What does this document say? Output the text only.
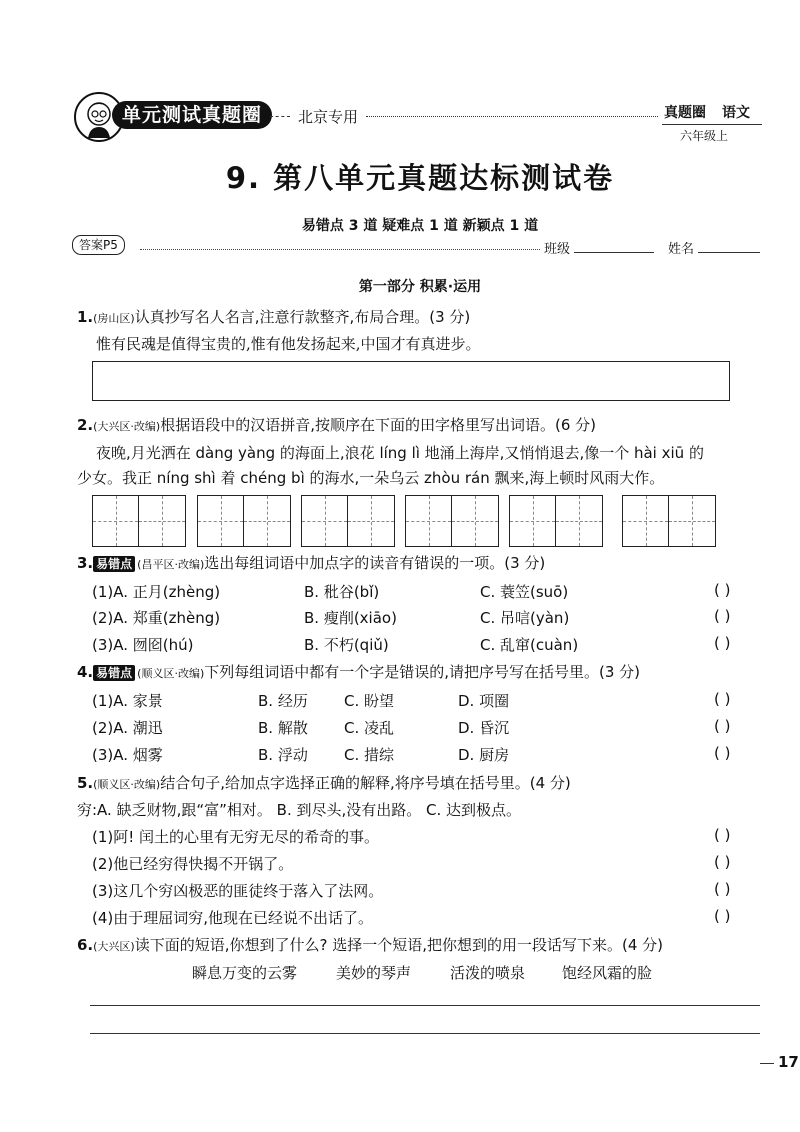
单元测试真题圈	北京专用	真题圈 语文
六年级上
9. 第八单元真题达标测试卷
易错点 3 道 疑难点 1 道 新颖点 1 道
答案P5	班级	姓名
第一部分 积累·运用
1.(房山区)认真抄写名人名言,注意行款整齐,布局合理。(3 分)
惟有民魂是值得宝贵的,惟有他发扬起来,中国才有真进步。
2.(大兴区·改编)根据语段中的汉语拼音,按顺序在下面的田字格里写出词语。(6 分)
夜晚,月光洒在 dàng yàng 的海面上,浪花 líng lì 地涌上海岸,又悄悄退去,像一个 hài xiū 的
少女。我正 níng shì 着 chéng bì 的海水,一朵乌云 zhòu rán 飘来,海上顿时风雨大作。
3. 易错点 (昌平区·改编)选出每组词语中加点字的读音有错误的一项。(3 分)
(1)A. 正月(zhèng)	B. 秕谷(bǐ)	C. 蓑笠(suō)	( )
(2)A. 郑重(zhèng)	B. 瘦削(xiāo)	C. 吊唁(yàn)	( )
(3)A. 囫囵(hú)	B. 不朽(qiǔ)	C. 乱窜(cuàn)	( )
4. 易错点 (顺义区·改编)下列每组词语中都有一个字是错误的,请把序号写在括号里。(3 分)
(1)A. 家景	B. 经历 C. 盼望	D. 项圈	( )
(2)A. 潮迅	B. 解散 C. 凌乱	D. 昏沉	( )
(3)A. 烟雾	B. 浮动 C. 措综	D. 厨房	( )
5.(顺义区·改编)结合句子,给加点字选择正确的解释,将序号填在括号里。(4 分)
穷:A. 缺乏财物,跟“富”相对。 B. 到尽头,没有出路。 C. 达到极点。
(1)阿! 闰土的心里有无穷无尽的希奇的事。	( )
(2)他已经穷得快揭不开锅了。	( )
(3)这几个穷凶极恶的匪徒终于落入了法网。	( )
(4)由于理屈词穷,他现在已经说不出话了。	( )
6.(大兴区)读下面的短语,你想到了什么? 选择一个短语,把你想到的用一段话写下来。(4 分)
瞬息万变的云雾	美妙的琴声	活泼的喷泉 饱经风霜的脸
17
